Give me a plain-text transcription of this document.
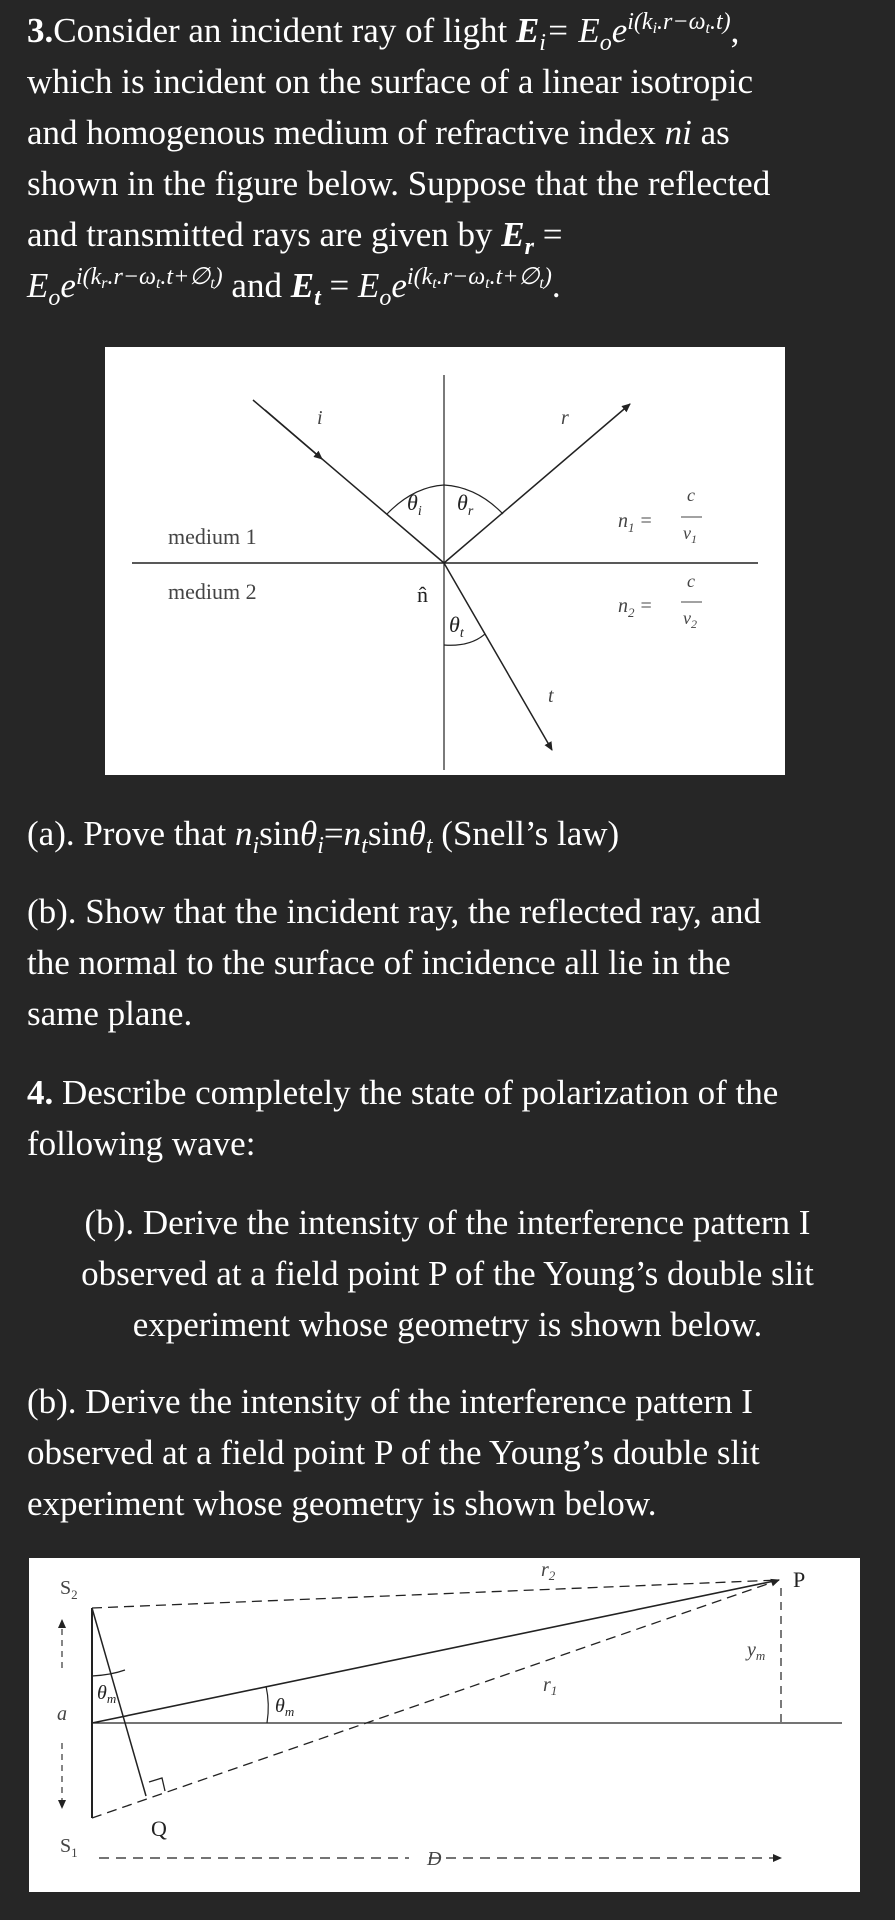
3.Consider an incident ray of light $E_i= E_oe^{i(k_i.r-\omega_t.t)}$,
which is incident on the surface of a linear isotropic
and homogenous medium of refractive index ni as
shown in the figure below. Suppose that the reflected
and transmitted rays are given by $E_r$ =
$E_oe^{i(k_r.r-\omega_t.t+\emptyset_t)}$ and $E_t = E_oe^{i(k_t.r-\omega_t.t+\emptyset_t)}$.
i	r
t
$\theta_i$ $\theta_r$
$\theta_t$
medium 1
medium 2	n̂
$n_1$ =
c
$v_1$
$n_2$ =
c
$v_2$
(a). Prove that $n_i\sin\theta_i=n_t\sin\theta_t$ (Snell’s law)
(b). Show that the incident ray, the reflected ray, and
the normal to the surface of incidence all lie in the
same plane.
4. Describe completely the state of polarization of the
following wave:
(b). Derive the intensity of the interference pattern I
observed at a field point P of the Young’s double slit
experiment whose geometry is shown below.
(b). Derive the intensity of the interference pattern I
observed at a field point P of the Young’s double slit
experiment whose geometry is shown below.
$S_2$
$S_1$
a
$\theta_m$	$\theta_m$
Q
D
P
$r_2$
$r_1$
$y_m$
